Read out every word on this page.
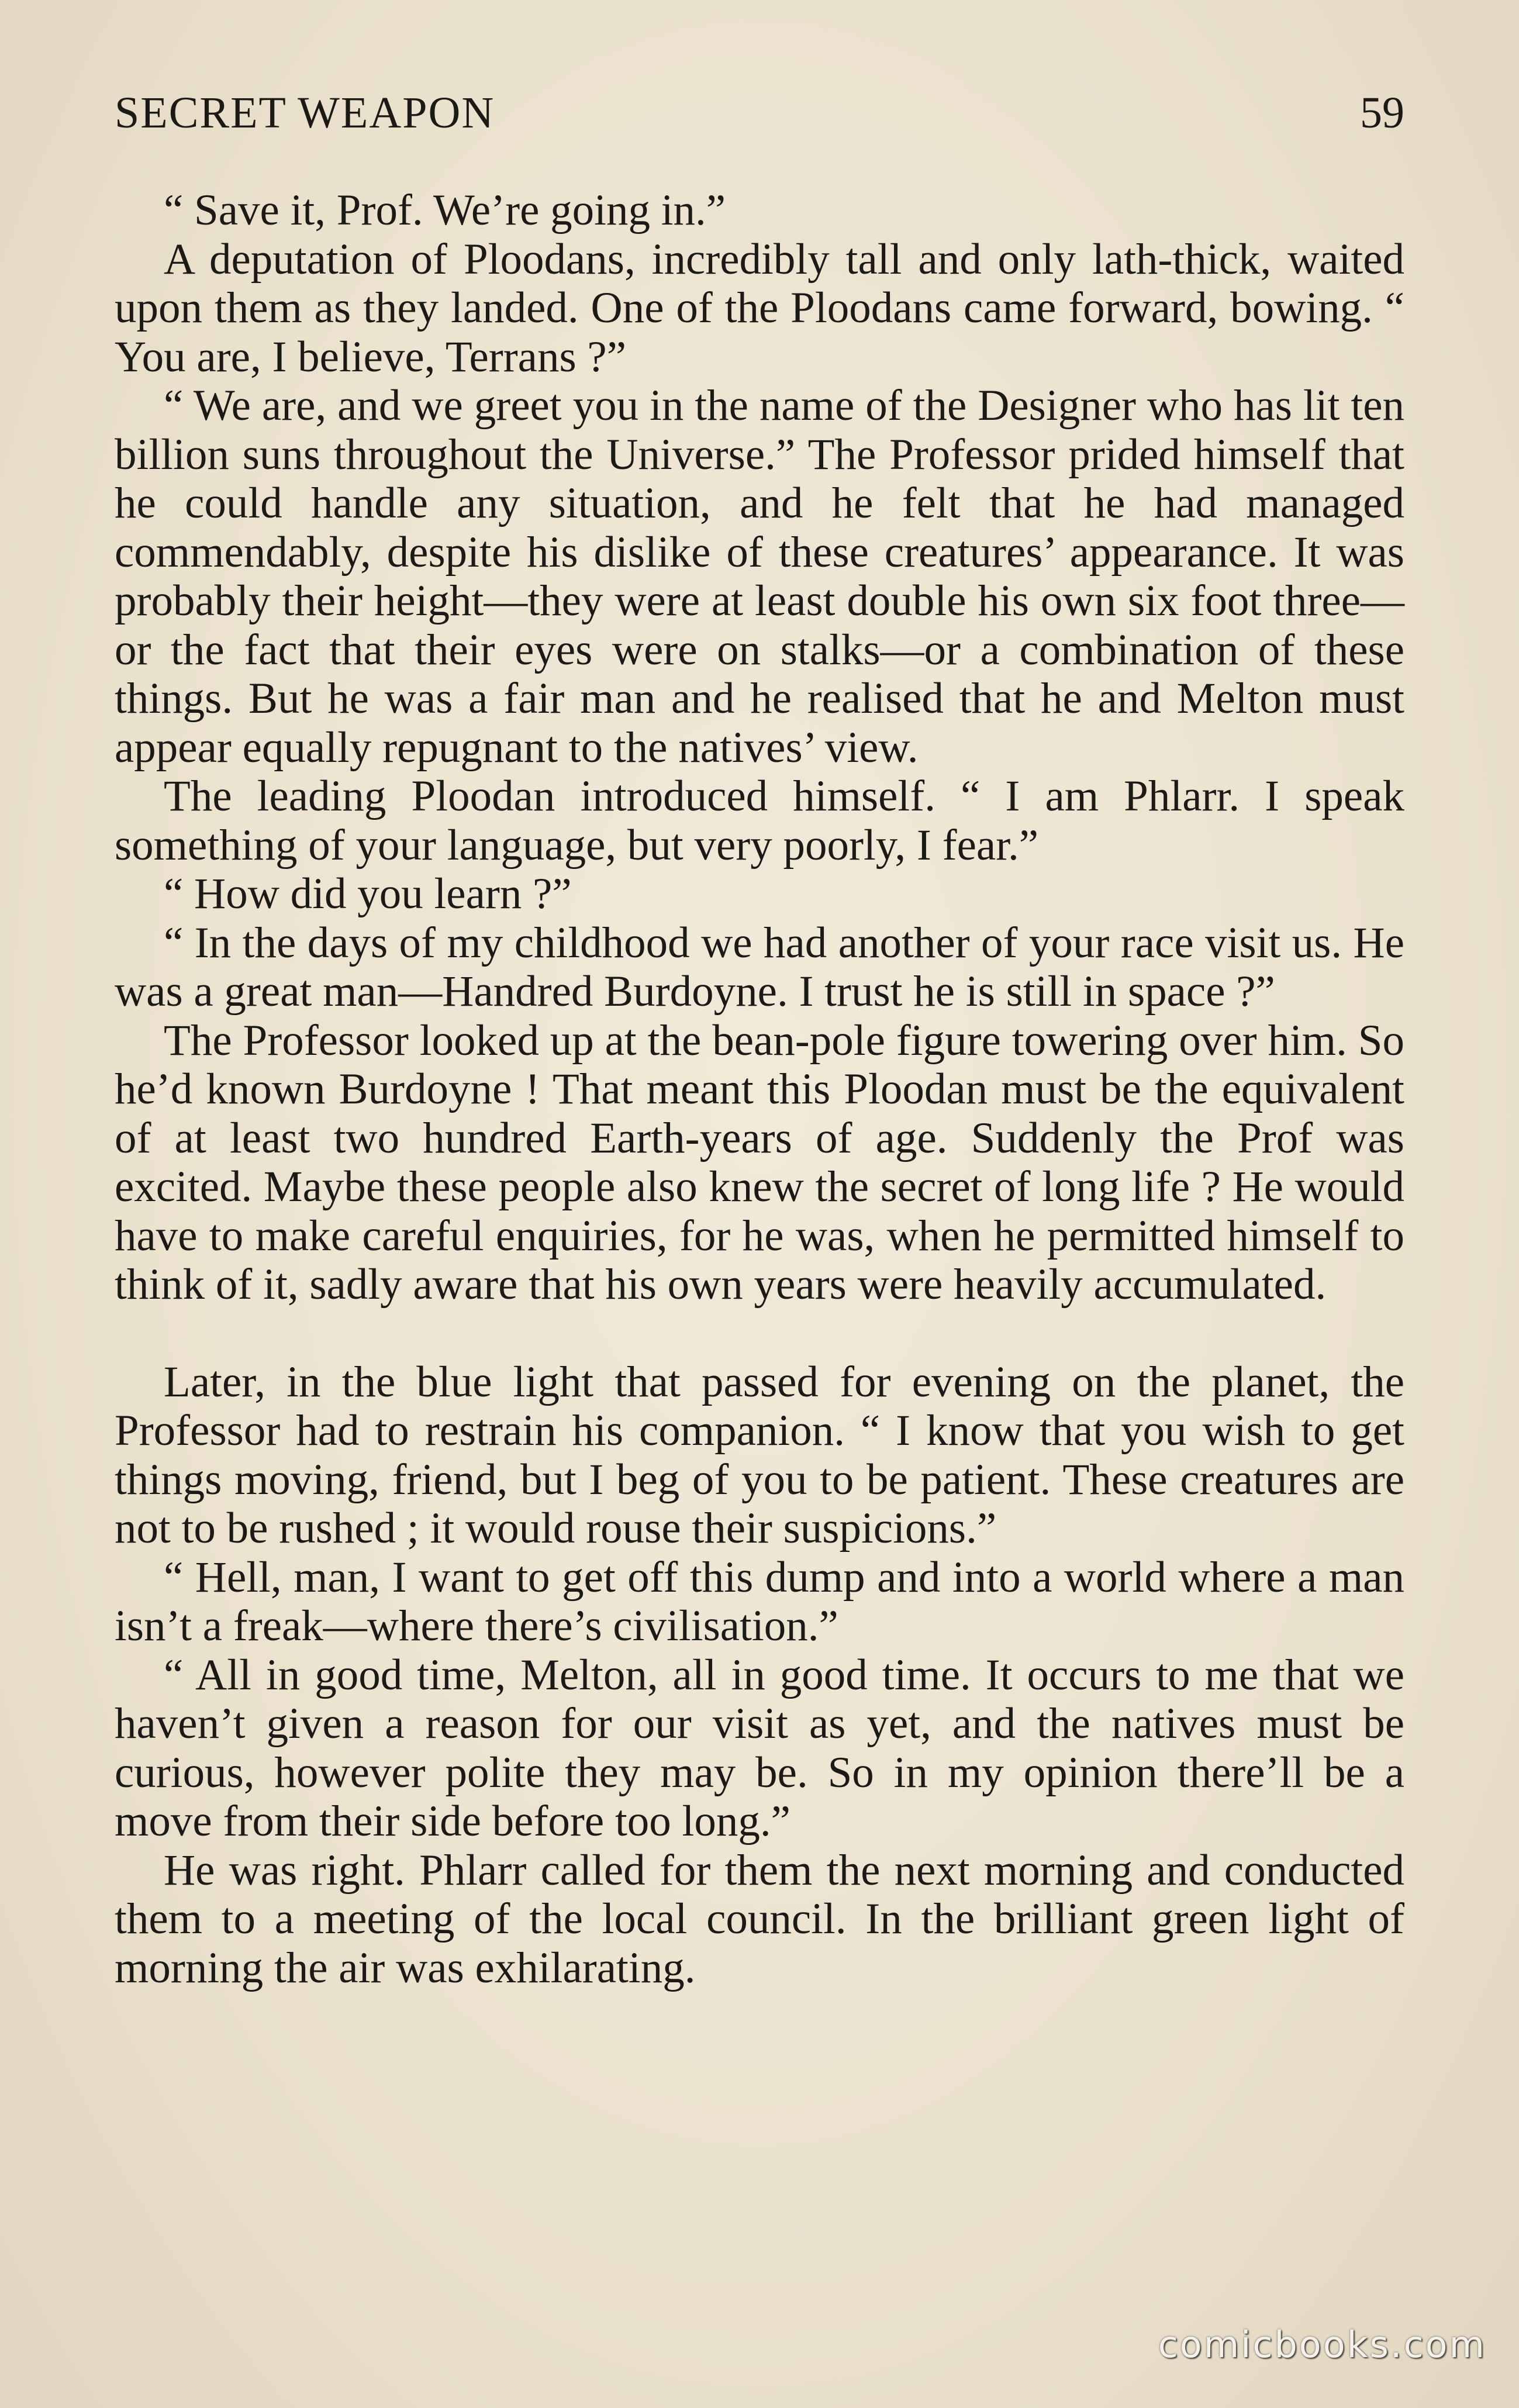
SECRET WEAPON	59

“ Save it, Prof. We’re going in.”

A deputation of Ploodans, incredibly tall and only lath-thick, waited upon them as they landed. One of the Ploodans came forward, bowing. “ You are, I believe, Terrans ?”

“ We are, and we greet you in the name of the Designer who has lit ten billion suns throughout the Universe.” The Professor prided himself that he could handle any situation, and he felt that he had managed commendably, despite his dislike of these creatures’ appearance. It was probably their height—they were at least double his own six foot three—or the fact that their eyes were on stalks—or a combination of these things. But he was a fair man and he realised that he and Melton must appear equally repugnant to the natives’ view.

The leading Ploodan introduced himself. “ I am Phlarr. I speak something of your language, but very poorly, I fear.”

“ How did you learn ?”

“ In the days of my childhood we had another of your race visit us. He was a great man—Handred Burdoyne. I trust he is still in space ?”

The Professor looked up at the bean-pole figure towering over him. So he’d known Burdoyne ! That meant this Ploodan must be the equivalent of at least two hundred Earth-years of age. Suddenly the Prof was excited. Maybe these people also knew the secret of long life ? He would have to make careful enquiries, for he was, when he permitted himself to think of it, sadly aware that his own years were heavily accumulated.

Later, in the blue light that passed for evening on the planet, the Professor had to restrain his companion. “ I know that you wish to get things moving, friend, but I beg of you to be patient. These creatures are not to be rushed ; it would rouse their suspicions.”

“ Hell, man, I want to get off this dump and into a world where a man isn’t a freak—where there’s civilisation.”

“ All in good time, Melton, all in good time. It occurs to me that we haven’t given a reason for our visit as yet, and the natives must be curious, however polite they may be. So in my opinion there’ll be a move from their side before too long.”

He was right. Phlarr called for them the next morning and conducted them to a meeting of the local council. In the brilliant green light of morning the air was exhilarating.

comicbooks.com
